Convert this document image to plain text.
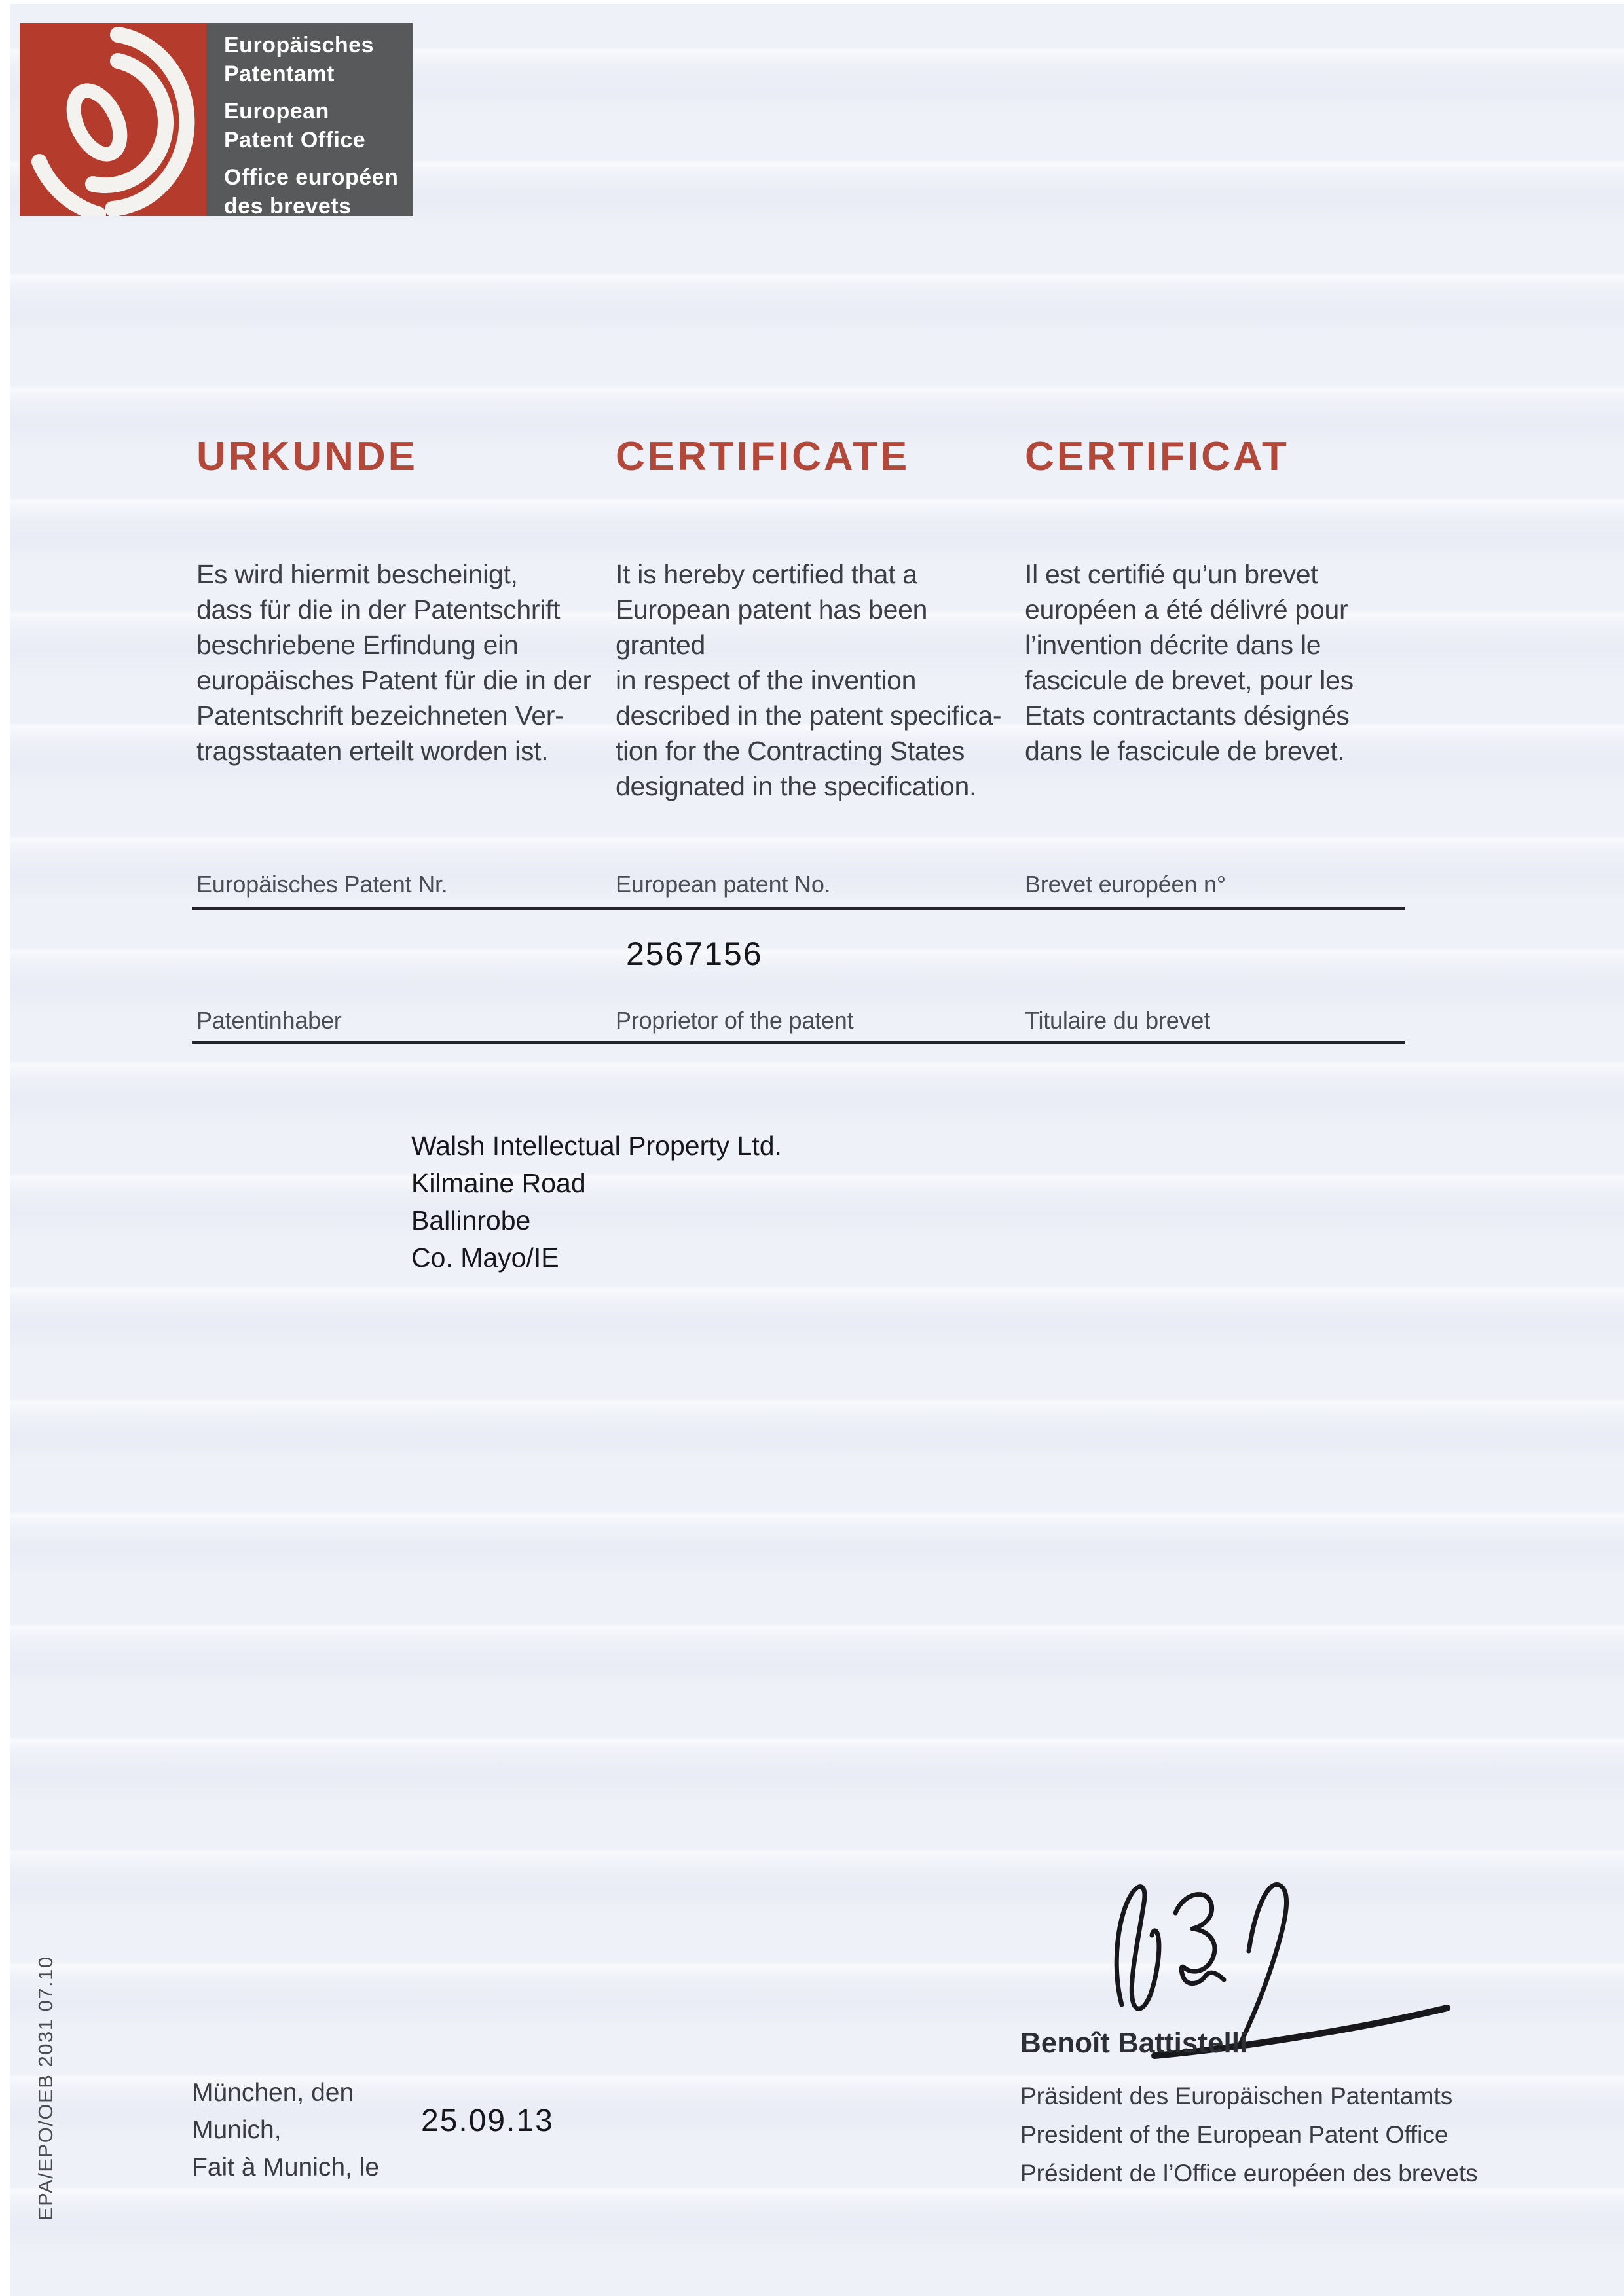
Europäisches
Patentamt
European
Patent Office
Office européen
des brevets
URKUNDE	CERTIFICATE	CERTIFICAT
Es wird hiermit bescheinigt,
dass für die in der Patentschrift
beschriebene Erfindung ein
europäisches Patent für die in der
Patentschrift bezeichneten Ver-
tragsstaaten erteilt worden ist.
It is hereby certified that a
European patent has been granted
in respect of the invention
described in the patent specifica-
tion for the Contracting States
designated in the specification.
Il est certifié qu’un brevet
européen a été délivré pour
l’invention décrite dans le
fascicule de brevet, pour les
Etats contractants désignés
dans le fascicule de brevet.
Europäisches Patent Nr.	European patent No.	Brevet européen n°
2567156
Patentinhaber	Proprietor of the patent	Titulaire du brevet
Walsh Intellectual Property Ltd.
Kilmaine Road
Ballinrobe
Co. Mayo/IE
Benoît Battistelli
Präsident des Europäischen Patentamts
President of the European Patent Office
Président de l’Office européen des brevets
München, den
Munich,
Fait à Munich, le
25.09.13
EPA/EPO/OEB 2031 07.10
